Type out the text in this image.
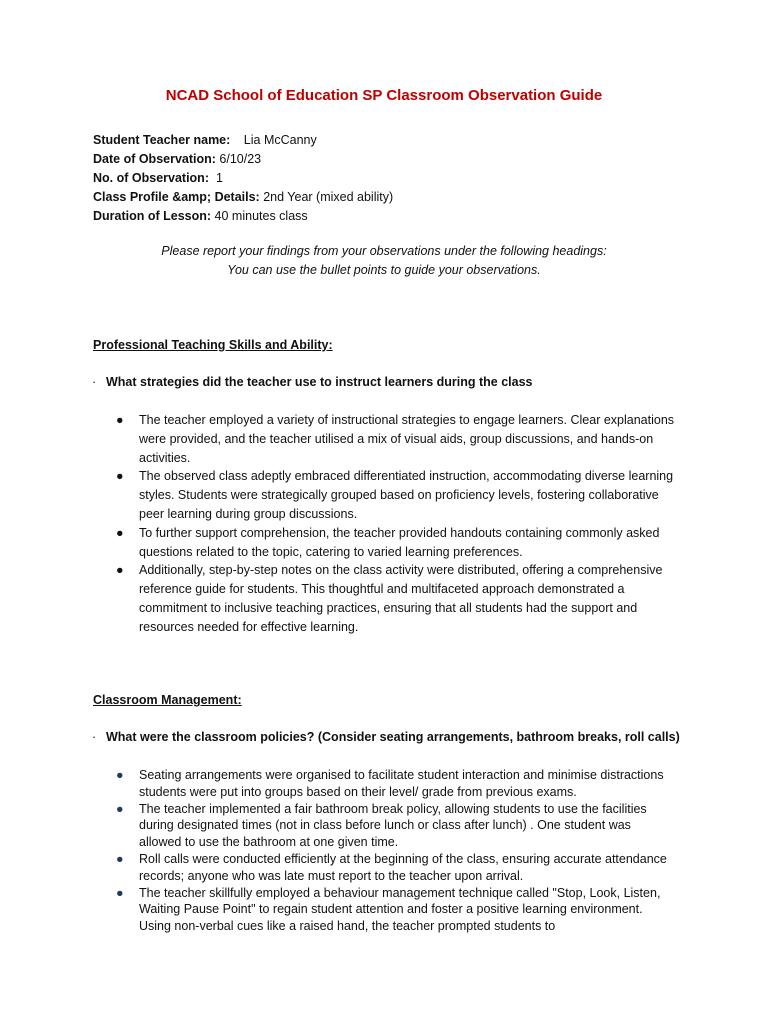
NCAD School of Education SP Classroom Observation Guide
Student Teacher name: Lia McCanny
Date of Observation: 6/10/23
No. of Observation: 1
Class Profile &amp; Details: 2nd Year (mixed ability)
Duration of Lesson: 40 minutes class
Please report your findings from your observations under the following headings:
You can use the bullet points to guide your observations.
Professional Teaching Skills and Ability:
· What strategies did the teacher use to instruct learners during the class
● The teacher employed a variety of instructional strategies to engage learners. Clear explanations were provided, and the teacher utilised a mix of visual aids, group discussions, and hands-on activities.
● The observed class adeptly embraced differentiated instruction, accommodating diverse learning styles. Students were strategically grouped based on proficiency levels, fostering collaborative peer learning during group discussions.
● To further support comprehension, the teacher provided handouts containing commonly asked questions related to the topic, catering to varied learning preferences.
● Additionally, step-by-step notes on the class activity were distributed, offering a comprehensive reference guide for students. This thoughtful and multifaceted approach demonstrated a commitment to inclusive teaching practices, ensuring that all students had the support and resources needed for effective learning.
Classroom Management:
· What were the classroom policies? (Consider seating arrangements, bathroom breaks, roll calls)
● Seating arrangements were organised to facilitate student interaction and minimise distractions students were put into groups based on their level/ grade from previous exams.
● The teacher implemented a fair bathroom break policy, allowing students to use the facilities during designated times (not in class before lunch or class after lunch) . One student was allowed to use the bathroom at one given time.
● Roll calls were conducted efficiently at the beginning of the class, ensuring accurate attendance records; anyone who was late must report to the teacher upon arrival.
● The teacher skillfully employed a behaviour management technique called "Stop, Look, Listen, Waiting Pause Point" to regain student attention and foster a positive learning environment. Using non-verbal cues like a raised hand, the teacher prompted students to
